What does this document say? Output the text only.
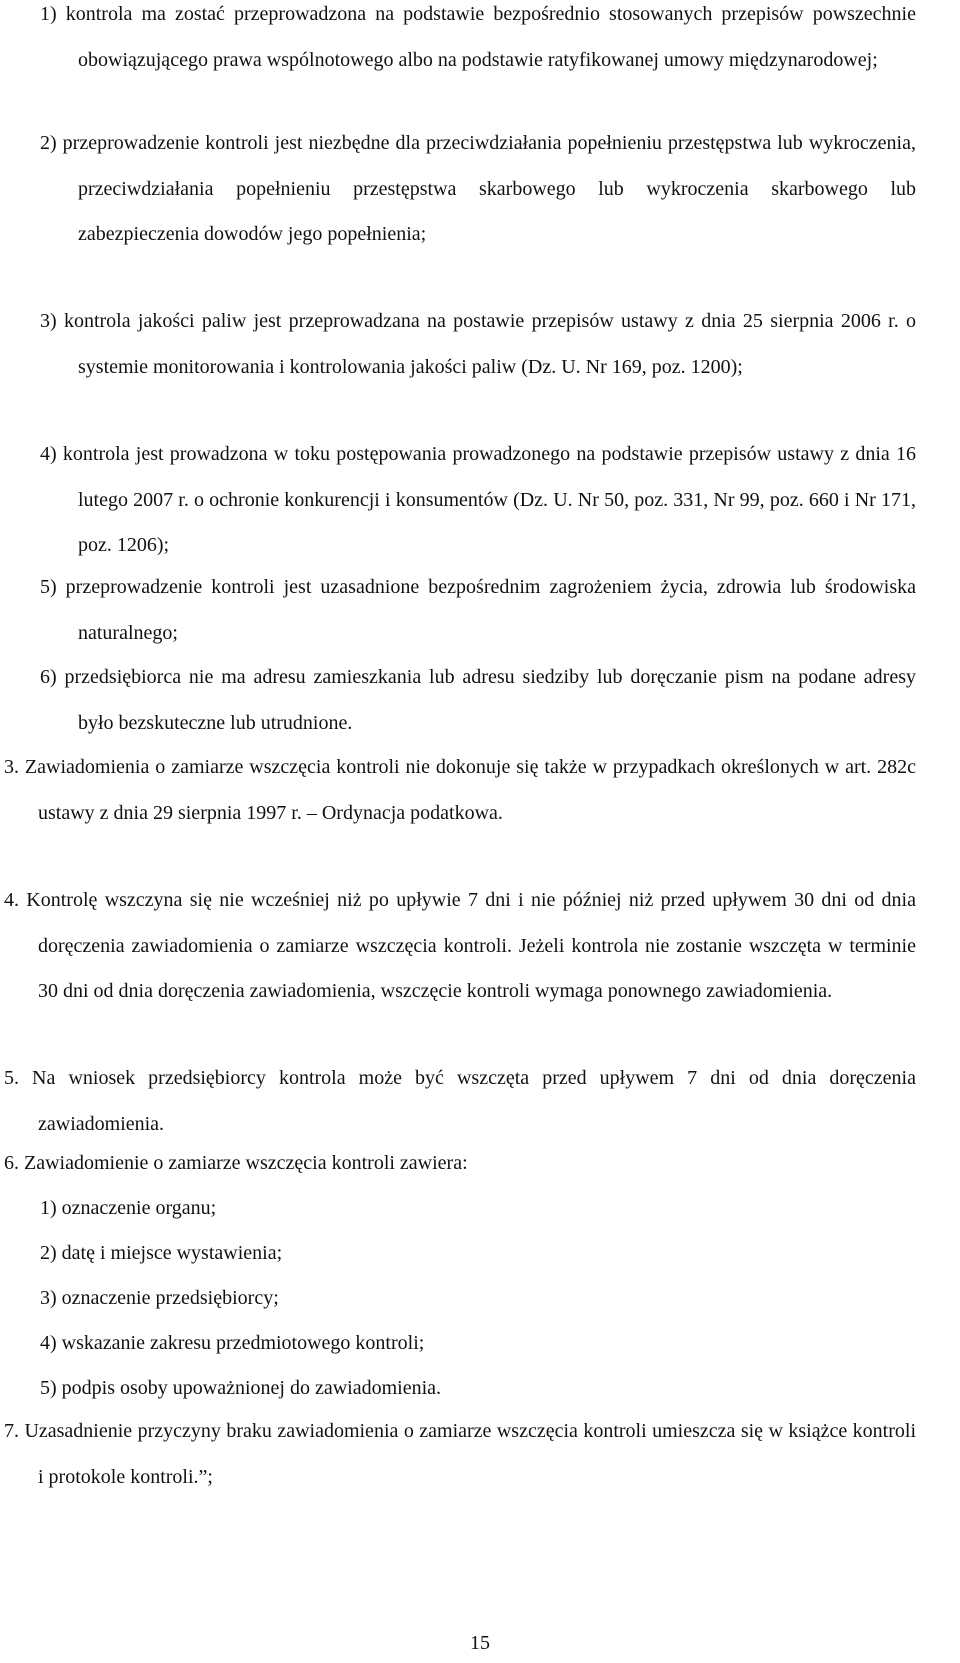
1) kontrola ma zostać przeprowadzona na podstawie bezpośrednio stosowanych przepisów powszechnie obowiązującego prawa wspólnotowego albo na podstawie ratyfikowanej umowy międzynarodowej;
2) przeprowadzenie kontroli jest niezbędne dla przeciwdziałania popełnieniu przestępstwa lub wykroczenia, przeciwdziałania popełnieniu przestępstwa skarbowego lub wykroczenia skarbowego lub zabezpieczenia dowodów jego popełnienia;
3) kontrola jakości paliw jest przeprowadzana na postawie przepisów ustawy z dnia 25 sierpnia 2006 r. o systemie monitorowania i kontrolowania jakości paliw (Dz. U. Nr 169, poz. 1200);
4) kontrola jest prowadzona w toku postępowania prowadzonego na podstawie przepisów ustawy z dnia 16 lutego 2007 r. o ochronie konkurencji i konsumentów (Dz. U. Nr 50, poz. 331, Nr 99, poz. 660 i Nr 171, poz. 1206);
5) przeprowadzenie kontroli jest uzasadnione bezpośrednim zagrożeniem życia, zdrowia lub środowiska naturalnego;
6) przedsiębiorca nie ma adresu zamieszkania lub adresu siedziby lub doręczanie pism na podane adresy było bezskuteczne lub utrudnione.
3. Zawiadomienia o zamiarze wszczęcia kontroli nie dokonuje się także w przypadkach określonych w art. 282c ustawy z dnia 29 sierpnia 1997 r. – Ordynacja podatkowa.
4. Kontrolę wszczyna się nie wcześniej niż po upływie 7 dni i nie później niż przed upływem 30 dni od dnia doręczenia zawiadomienia o zamiarze wszczęcia kontroli. Jeżeli kontrola nie zostanie wszczęta w terminie 30 dni od dnia doręczenia zawiadomienia, wszczęcie kontroli wymaga ponownego zawiadomienia.
5. Na wniosek przedsiębiorcy kontrola może być wszczęta przed upływem 7 dni od dnia doręczenia zawiadomienia.
6. Zawiadomienie o zamiarze wszczęcia kontroli zawiera:
1) oznaczenie organu;
2) datę i miejsce wystawienia;
3) oznaczenie przedsiębiorcy;
4) wskazanie zakresu przedmiotowego kontroli;
5) podpis osoby upoważnionej do zawiadomienia.
7. Uzasadnienie przyczyny braku zawiadomienia o zamiarze wszczęcia kontroli umieszcza się w książce kontroli i protokole kontroli.”;
15
